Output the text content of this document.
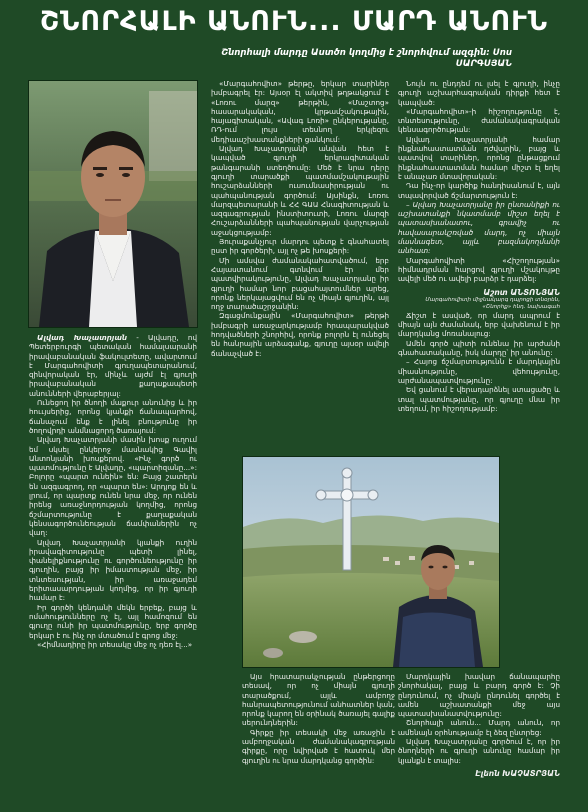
ՇՆՈՐՀԱԼԻ ԱՆՈՒՆ... ՄԱՐԴ ԱՆՈՒՆ
Շնորհալի մարդը Աստծո կողմից է շնորհվում ազգին: Սոս ՍԱՐԳՍՅԱՆ

Ալվադ Խաչատրյան - Ալվադը, ով Պետերբուրգի պետական համալսարանի իրավաբանական ֆակուլտետը, ավարտում է Մարգահովիտի գյուղապետարանում, զինվորական էր, մինչև այժմ էլ գյուղի իրավաբանական քաղաքապետի անունների վերաբերյալ:

Ունեցող իր ծնողի մաքուր անունից և իր հոււյսերից, որոնց կյանքի ճանապարհով, ճանաչում ենք է լինել բնությունը իր ծողովրդի անմնացորդ ծառայում:

Ալվադ Խաչատրյանի մասին խոսք ուղում եմ սկսել ընկերոջ մասնակից Գավիլ Անտոնյանի խոսքերով. «Ինչ գործ ու պատմությունը է Ալվադը, «պարտիզանը...»: Բոլորը «պարտ ունեին» են: Բայց շատերն են ազգագրող, որ «պարտ են»: Արդյոք են և լրում, որ պարտք ունեն նրա մեջ, որ ունեն իրենց առաջնորդության կողմից, որոնց ճշմարտությունը է քաղաքական կենսագործունեության ճամփաներին ոչ վաղ:

Ալվադ Խաչատրյանի կյանքի ուղին իրավագիտությունը պետի լինել, փանելիքնությունը ու գործունեությունը իր գյուղին, բայց իր իմաստության մեջ, իր տնտեսության, իր առաջադեմ երիտասարդության կողմից, որ իր գյուղի համար է:

Իր գործի կենդանի մեկն երբեք, բայց և ոմահությունները ոչ էլ, այլ համոզում են գյուղը ունի իր պատմությունը, երբ գործը երկար է ու ինչ որ մտածում է գրոց մեջ:

«Հիմնադիրը իր տեսակը մեջ ոչ դեռ էլ...»

«Մարգահովիտ» թերթը, երկար տարիներ խմբագրել էր: Այսօր էլ ակտիվ թղթակցում է «Լոռու մարզ» թերթին, «Մաշտոց» հասարակական, կրթամշակութային, հայագիտական, «Ավագ Լոռի» ընկերությանը, ՌԴ-ում լույս տեսնող երկլեզու մեդիաաշխատանքների ցանկում:

Ալվադ Խաչատրյանի անվան հետ է կապված գյուղի երկրագիտական թանգարանի ստեղծումը: Մեծ է նրա դերը գյուղի տարածքի պատմամշակութային հուշարձանների ուսումնասիրության ու պահպանության գործում: Այսինքն, Լոռու մարզպետարանի և ՀՀ ԳԱԱ Հնագիտության և ազգագրության ինստիտուտի, Լոռու մարզի Հուշարձանների պահպանության վարչության աջակցությամբ:

Յուրաքանչյուր մարդու պետք է գնահատել ըստ իր գործերի, այլ ոչ թե խոսքերի:

Մի ամսվա ժամանակահատվածում, երբ Հայաստանում գտնվում էր մեր պատվիրակությունը, Ալվադ Խաչատրյանը իր գյուղի համար նոր բացահայտումներ արեց, որոնք ներկայացվում են ոչ միայն գյուղին, այլ ողջ տարածաշրջանին:

Զգացմունքային «Մարգահովիտ» թերթի խմբագրի առաջարկությամբ հրապարակված հոդվածների շնորհիվ, որոնք բոլորն էլ ունեցել են հանրային արձագանք, գյուղը այսօր ավելի ճանաչված է:

Նույն ու ընդդեմ ու լսել է գյուղի, ինչը գյուղի աշխարհագրական դիրքի հետ է կապված:

«Մարգահովիտ»-ի հիշողությունը է, տնտեսությունը, ժամանակագրական կենսագործության:

Ալվադ Խաչատրյանի համար ինքնահաստատման դժվարին, բայց և պատվով տարիներ, որոնց ընթացքում ինքնահաստատման համար միշտ էլ եղել է անաչառ մտավորական:

Դա ինչ-որ կարծիք հանդիսանում է, այն տպավորված ճշմարտություն է:

– Ալվադ Խաչատրյանը իր ընտանիքի ու աշխատանքի նկատմամբ միշտ եղել է պատասխանատու, գրավիչ ու հավասարակշռված մարդ, ոչ միայն մասնագետ, այլև բազմակողմանի անհատ:

Մարգահովիտի «Հիշողության» հիմնադրման հարցով գյուղի մշակույթը ավելի մեծ ու ավելի բարձր է դարձել:

Աշոտ ԱՆՏՈՆՅԱՆ
Մարգահովիտի միջնակարգ դպրոցի տնօրեն, «Շնորհք» հնդ. նախագահ

Ճիշտ է ասված, որ մարդ ապրում է միայն այն ժամանակ, երբ վախենում է իր մարդկանց մոռանալուց:

Ամեն գործ պիտի ունենա իր արժանի գնահատականը, իսկ մարդը՝ իր անունը:

– Հայոց ճշմարտությունն է մարդկային միասնությունը, վեհությունը, արժանապատվությունը:

Եվ ցանում է վերադարձնել ստացածը և տալ պատմությանը, որ գյուղը մնա իր տեղում, իր հիշողությամբ:

Այս հրատարակչության ընթերցողը տեսավ, որ ոչ միայն գյուղի տարածքում, այլև ամբողջ հանրապետությունում անհատներ կան, որոնք կարող են օրինակ ծառայել գալիք սերունդներին:

Գիրքը իր տեսակի մեջ առաջին է ամբողջական ժամանակագրության գիրքը, որը նվիրված է հատուկ մեր գյուղին ու նրա մարդկանց գործին:

Մարդկային խավար ճանապարհը շնորհակալ, բայց և բարդ գործ է: Չի ընդունում, ոչ միայն ընդունել գործել է ամեն աշխատանքի մեջ այս պատասխանատվությունը:

Շնորհալի անուն... Մարդ անուն, որ ամենայն օրհնությամբ էլ ձեզ ընտրեց:

Ալվադ Խաչատրյանը գործում է, որ իր ծնողների ու գյուղի անունը համար իր կյանքն է տալիս:

Էլեոն ԽԱՉԱՏՐՅԱՆ
